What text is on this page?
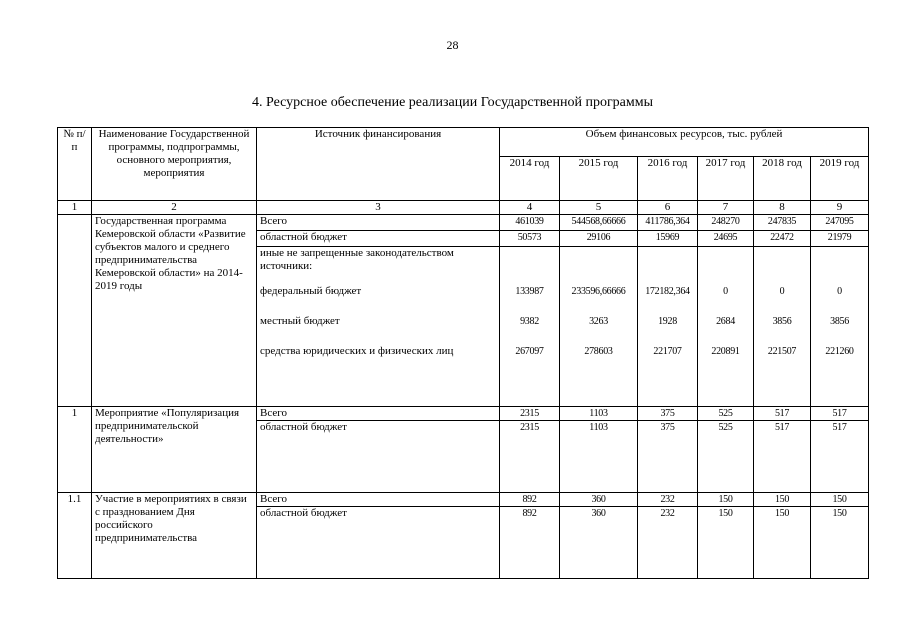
28
4. Ресурсное обеспечение реализации Государственной программы
№ п/п	Наименование Государственной программы, подпрограммы, основного мероприятия, мероприятия	Источник финансирования	Объем финансовых ресурсов, тыс. рублей					
			2014 год	2015 год	2016 год	2017 год	2018 год	2019 год
1	2	3	4	5	6	7	8	9
	Государственная программа Кемеровской области «Развитие субъектов малого и среднего предпринимательства Кемеровской области» на 2014-2019 годы	Всего	461039	544568,66666	411786,364	248270	247835	247095
		областной бюджет	50573	29106	15969	24695	22472	21979
		иные не запрещенные законодательством источники:						
		федеральный бюджет	133987	233596,66666	172182,364	0	0	0
		местный бюджет	9382	3263	1928	2684	3856	3856
		средства юридических и физических лиц	267097	278603	221707	220891	221507	221260
1	Мероприятие «Популяризация предпринимательской деятельности»	Всего	2315	1103	375	525	517	517
		областной бюджет	2315	1103	375	525	517	517
1.1	Участие в мероприятиях в связи с празднованием Дня российского предпринимательства	Всего	892	360	232	150	150	150
		областной бюджет	892	360	232	150	150	150
